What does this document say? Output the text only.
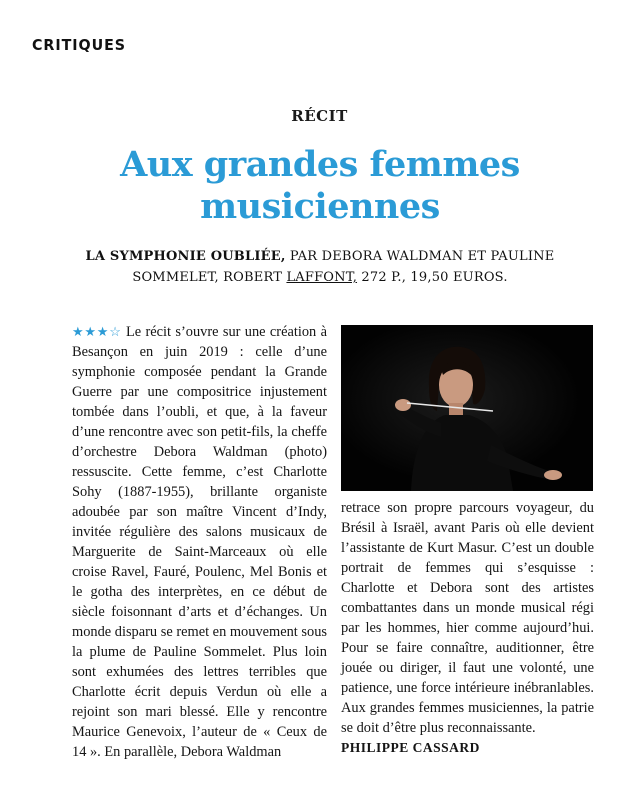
CRITIQUES
RÉCIT
Aux grandes femmes musiciennes
LA SYMPHONIE OUBLIÉE, PAR DEBORA WALDMAN ET PAULINE SOMMELET, ROBERT LAFFONT, 272 P., 19,50 EUROS.
★★★☆ Le récit s’ouvre sur une création à Besançon en juin 2019 : celle d’une symphonie composée pendant la Grande Guerre par une compositrice injustement tombée dans l’oubli, et que, à la faveur d’une rencontre avec son petit-fils, la cheffe d’orchestre Debora Waldman (photo) ressuscite. Cette femme, c’est Charlotte Sohy (1887-1955), brillante organiste adoubée par son maître Vincent d’Indy, invitée régulière des salons musicaux de Marguerite de Saint-Marceaux où elle croise Ravel, Fauré, Poulenc, Mel Bonis et le gotha des interprètes, en ce début de siècle foisonnant d’arts et d’échanges. Un monde disparu se remet en mouvement sous la plume de Pauline Sommelet. Plus loin sont exhumées des lettres terribles que Charlotte écrit depuis Verdun où elle a rejoint son mari blessé. Elle y rencontre Maurice Genevoix, l’auteur de « Ceux de 14 ». En parallèle, Debora Waldman
retrace son propre parcours voyageur, du Brésil à Israël, avant Paris où elle devient l’assistante de Kurt Masur. C’est un double portrait de femmes qui s’esquisse : Charlotte et Debora sont des artistes combattantes dans un monde musical régi par les hommes, hier comme aujourd’hui. Pour se faire connaître, auditionner, être jouée ou diriger, il faut une volonté, une patience, une force intérieure inébranlables. Aux grandes femmes musiciennes, la patrie se doit d’être plus reconnaissante.
PHILIPPE CASSARD
